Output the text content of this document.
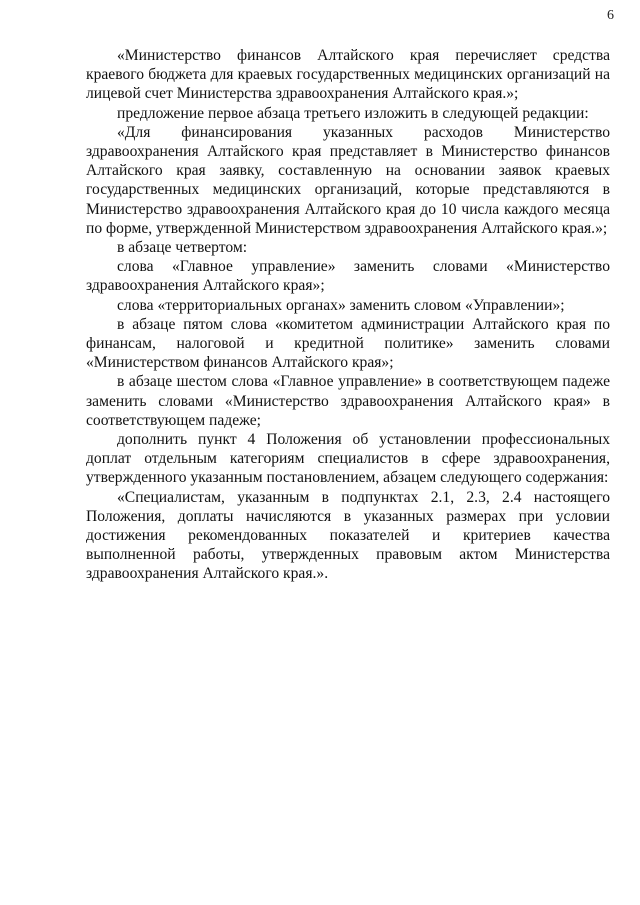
6

«Министерство финансов Алтайского края перечисляет средства краевого бюджета для краевых государственных медицинских организаций на лицевой счет Министерства здравоохранения Алтайского края.»;

предложение первое абзаца третьего изложить в следующей редакции:

«Для финансирования указанных расходов Министерство здравоохранения Алтайского края представляет в Министерство финансов Алтайского края заявку, составленную на основании заявок краевых государственных медицинских организаций, которые представляются в Министерство здравоохранения Алтайского края до 10 числа каждого месяца по форме, утвержденной Министерством здравоохранения Алтайского края.»;

в абзаце четвертом:

слова «Главное управление» заменить словами «Министерство здравоохранения Алтайского края»;

слова «территориальных органах» заменить словом «Управлении»;

в абзаце пятом слова «комитетом администрации Алтайского края по финансам, налоговой и кредитной политике» заменить словами «Министерством финансов Алтайского края»;

в абзаце шестом слова «Главное управление» в соответствующем падеже заменить словами «Министерство здравоохранения Алтайского края» в соответствующем падеже;

дополнить пункт 4 Положения об установлении профессиональных доплат отдельным категориям специалистов в сфере здравоохранения, утвержденного указанным постановлением, абзацем следующего содержания:

«Специалистам, указанным в подпунктах 2.1, 2.3, 2.4 настоящего Положения, доплаты начисляются в указанных размерах при условии достижения рекомендованных показателей и критериев качества выполненной работы, утвержденных правовым актом Министерства здравоохранения Алтайского края.».
